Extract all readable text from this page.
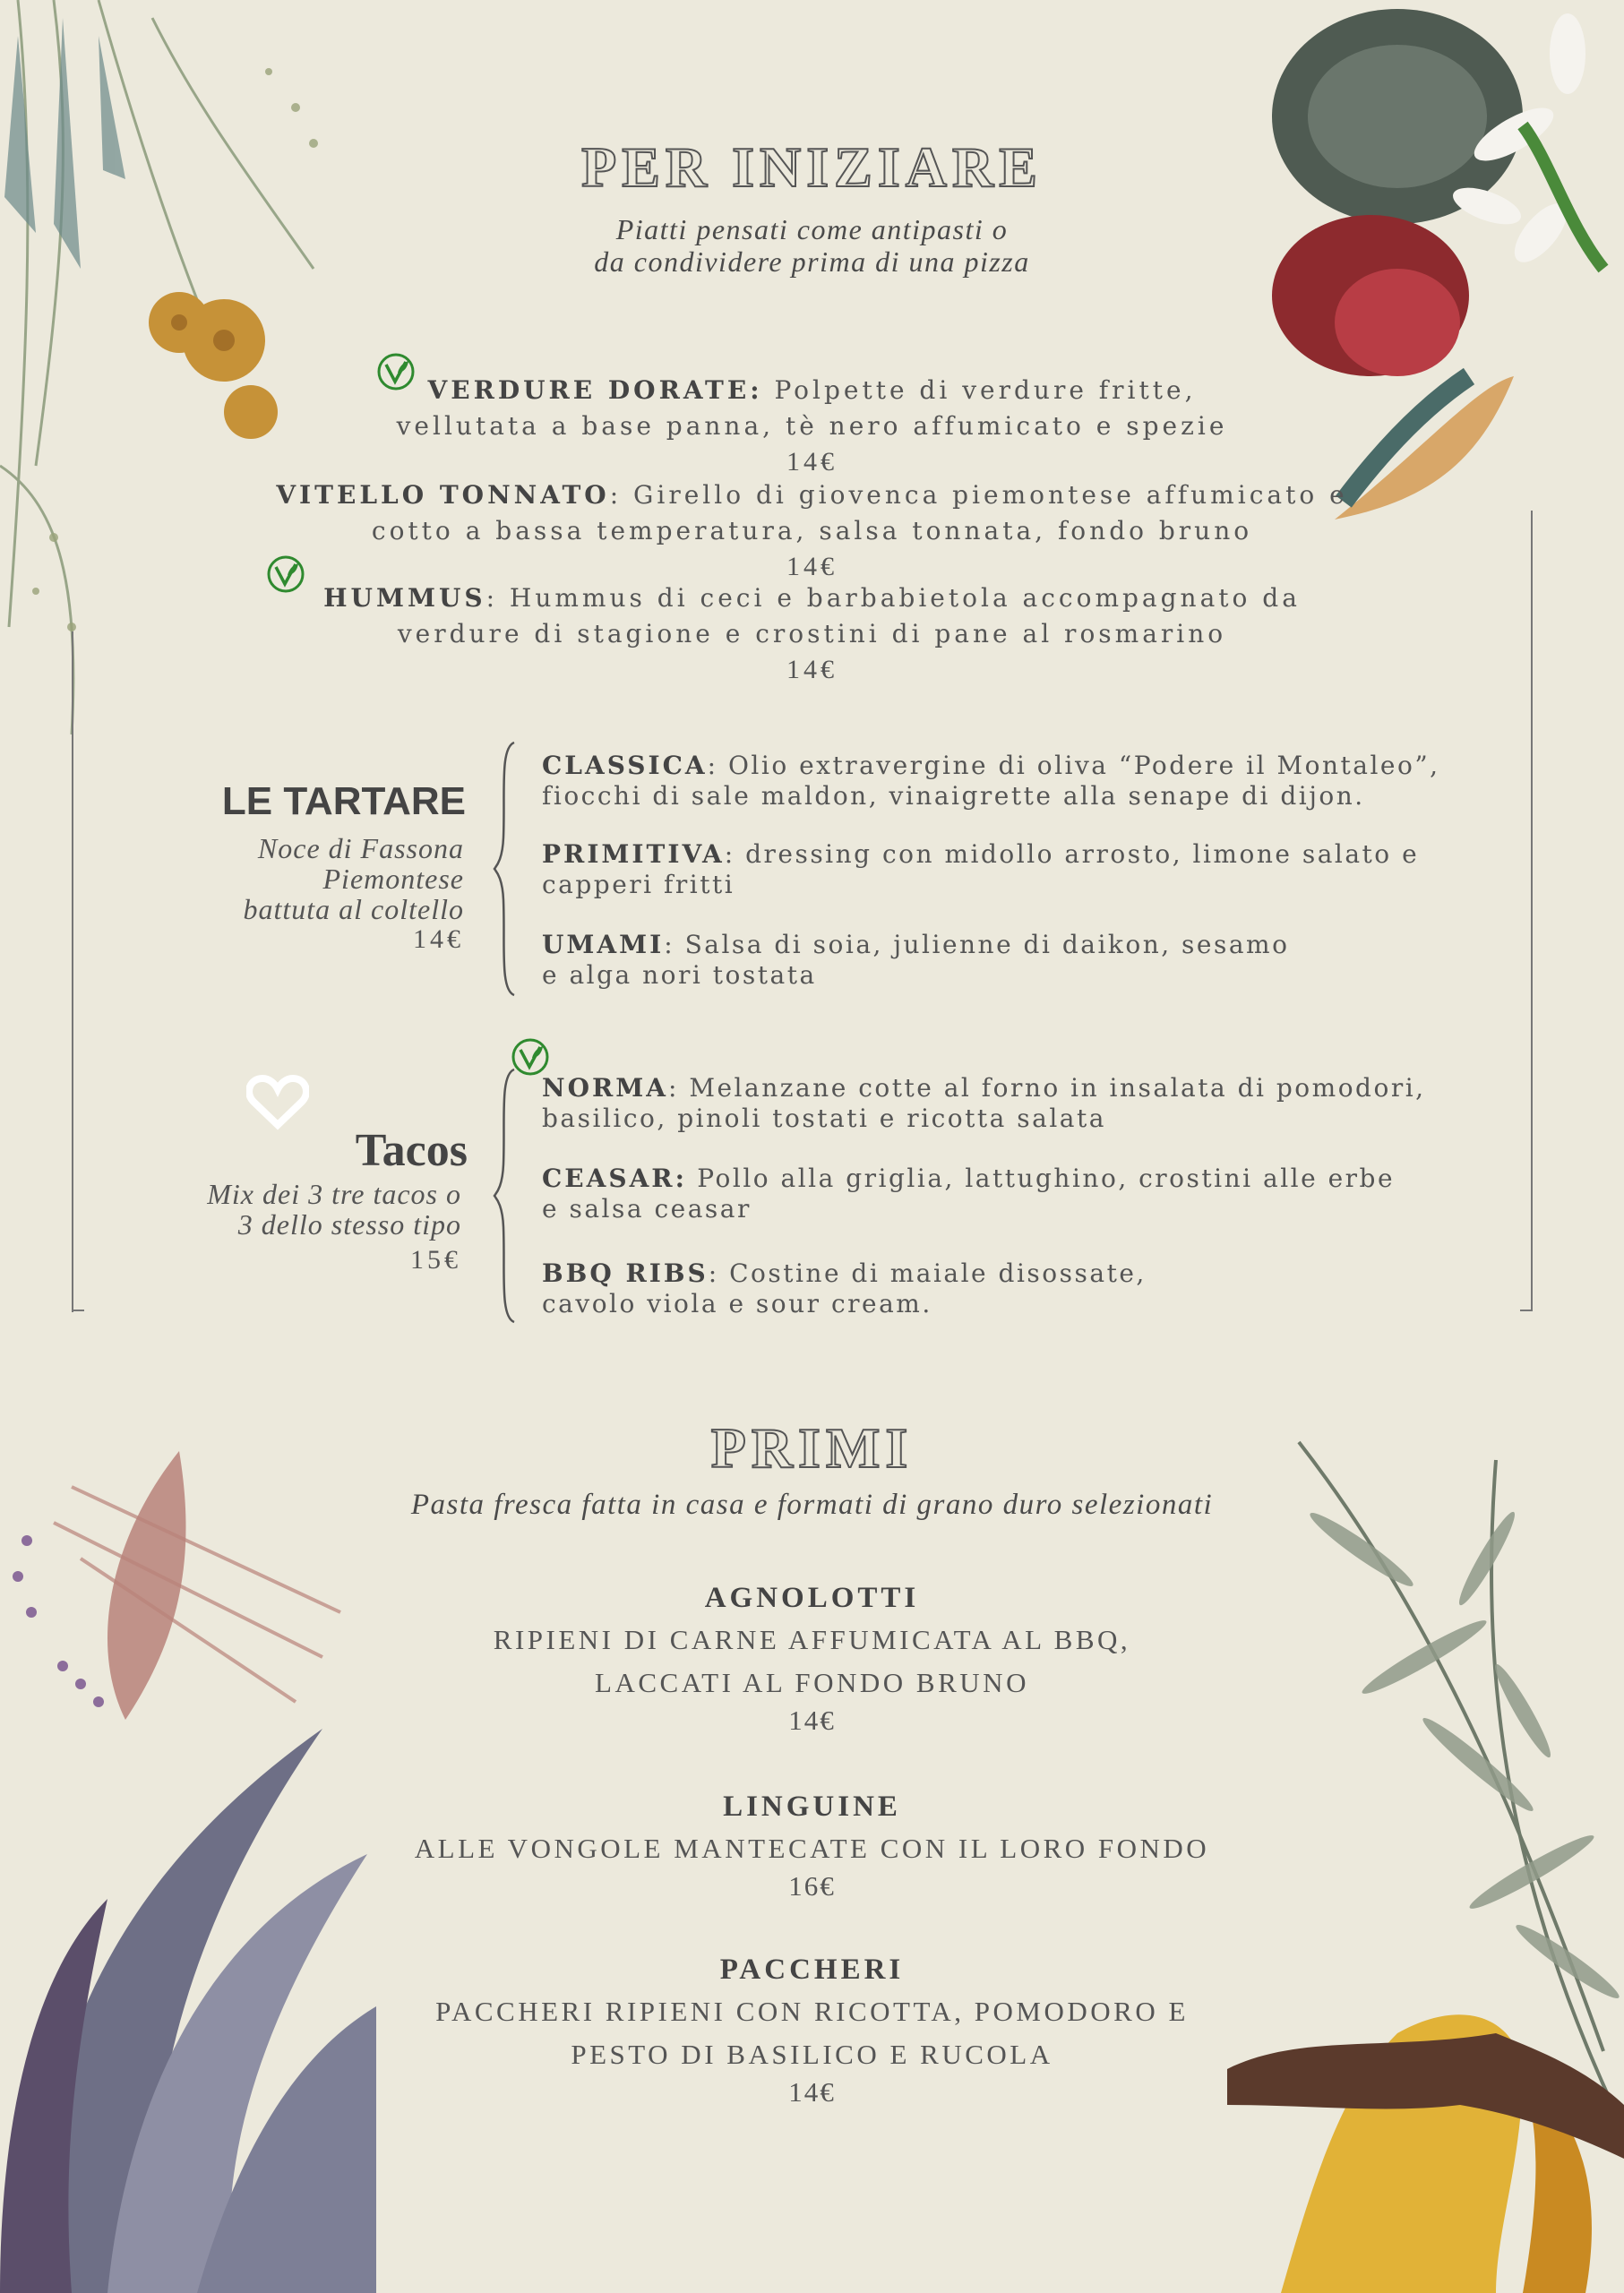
PER INIZIARE
Piatti pensati come antipasti o
da condividere prima di una pizza
VERDURE DORATE: Polpette di verdure fritte,
vellutata a base panna, tè nero affumicato e spezie
14€
VITELLO TONNATO: Girello di giovenca piemontese affumicato e
cotto a bassa temperatura, salsa tonnata, fondo bruno
14€
HUMMUS: Hummus di ceci e barbabietola accompagnato da
verdure di stagione e crostini di pane al rosmarino
14€
LE TARTARE
Noce di Fassona
Piemontese
battuta al coltello
14€
CLASSICA: Olio extravergine di oliva “Podere il Montaleo”,
fiocchi di sale maldon, vinaigrette alla senape di dijon.
PRIMITIVA: dressing con midollo arrosto, limone salato e
capperi fritti
UMAMI: Salsa di soia, julienne di daikon, sesamo
e alga nori tostata
Tacos
Mix dei 3 tre tacos o
3 dello stesso tipo
15€
NORMA: Melanzane cotte al forno in insalata di pomodori,
basilico, pinoli tostati e ricotta salata
CEASAR: Pollo alla griglia, lattughino, crostini alle erbe
e salsa ceasar
BBQ RIBS: Costine di maiale disossate,
cavolo viola e sour cream.
PRIMI
Pasta fresca fatta in casa e formati di grano duro selezionati
AGNOLOTTI
RIPIENI DI CARNE AFFUMICATA AL BBQ,
LACCATI AL FONDO BRUNO
14€
LINGUINE
ALLE VONGOLE MANTECATE CON IL LORO FONDO
16€
PACCHERI
PACCHERI RIPIENI CON RICOTTA, POMODORO E
PESTO DI BASILICO E RUCOLA
14€
